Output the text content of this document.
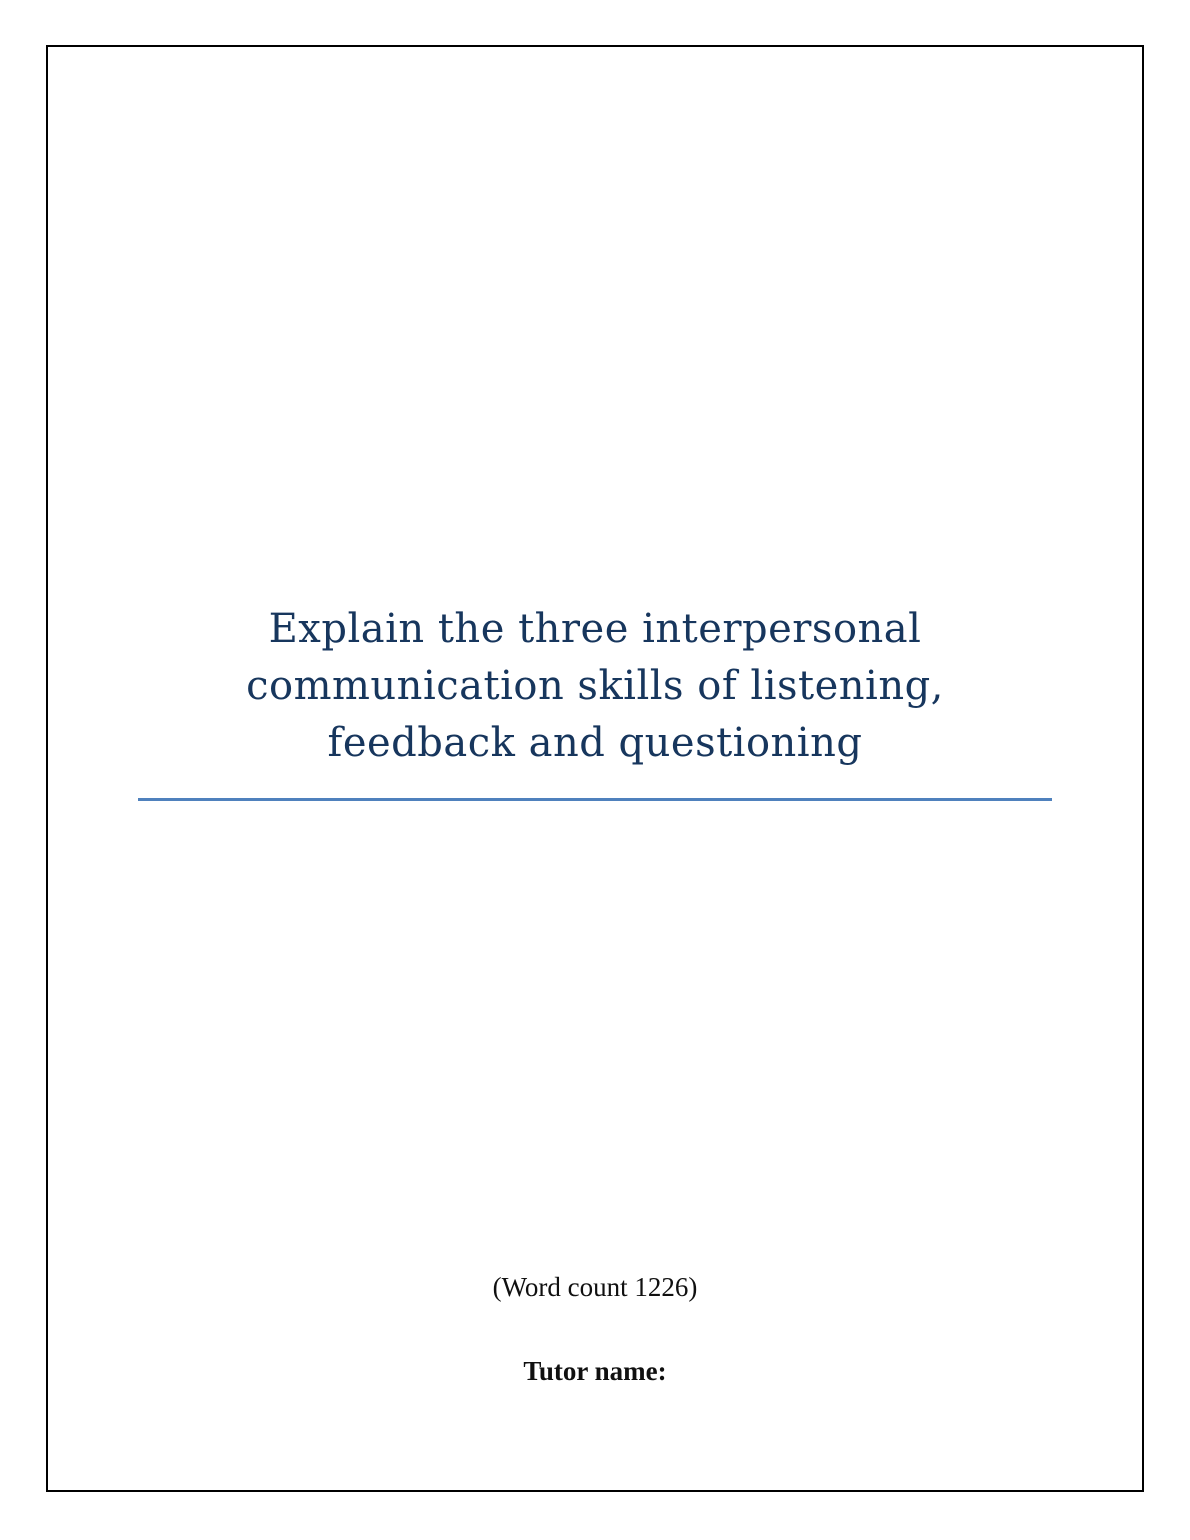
Explain the three interpersonal
communication skills of listening,
feedback and questioning
(Word count 1226)
Tutor name:
